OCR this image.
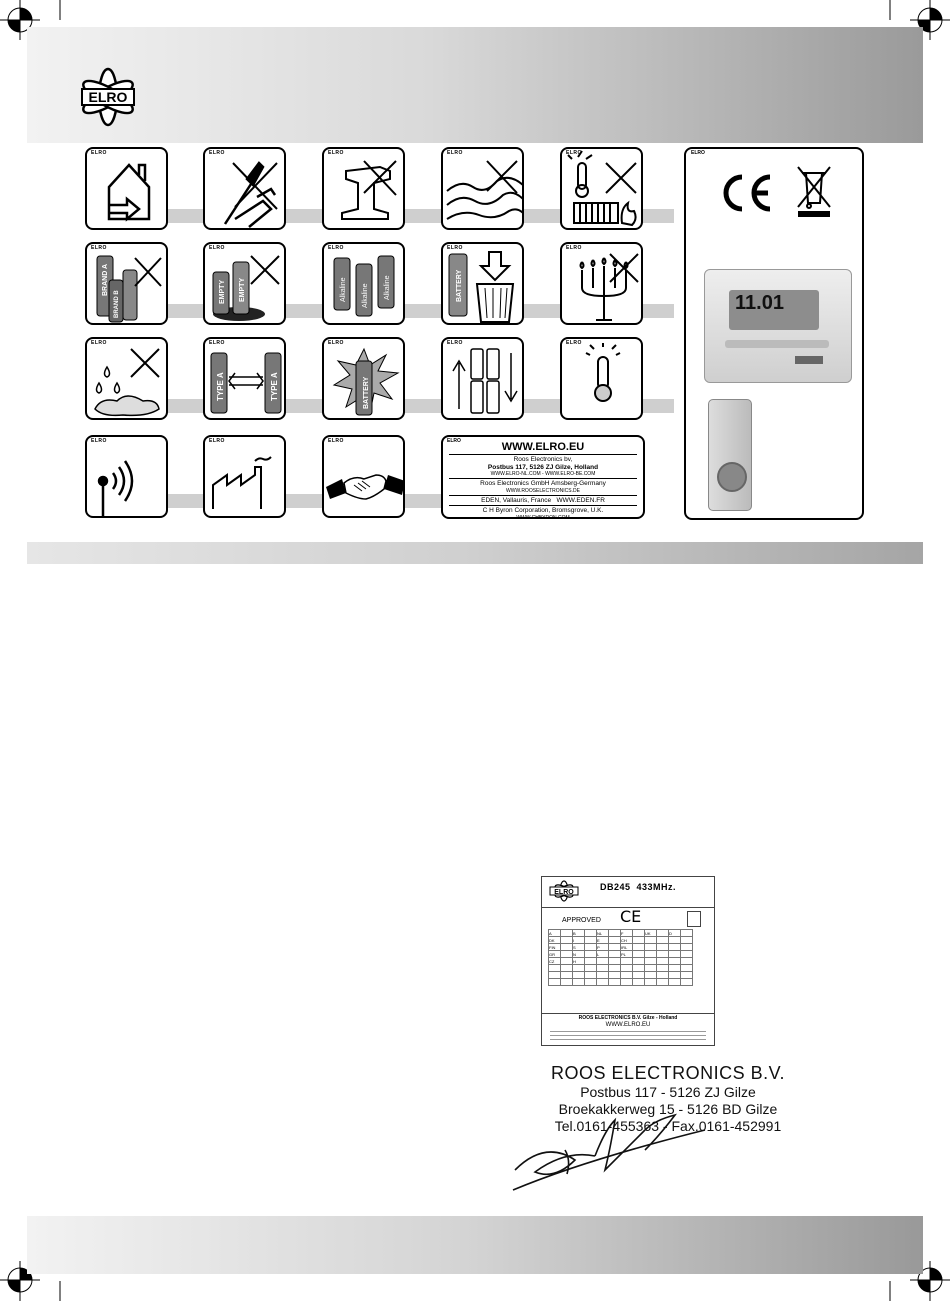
ELRO
ELRO	ELRO	ELRO	ELRO	ELRO
ELRO
BRAND A
BRAND B
ELRO
EMPTY EMPTY
ELRO
Alkaline Alkaline Alkaline
ELRO
BATTERY
ELRO
ELRO	ELRO
TYPE A	TYPE A
ELRO
BATTERY
ELRO	ELRO
ELRO	ELRO	ELRO	ELRO	WWW.ELRO.EU
Roos Electronics bv,
Postbus 117, 5126 ZJ Gilze, Holland
WWW.ELRO-NL.COM - WWW.ELRO-BE.COM
Roos Electronics GmbH Amsberg-Germany
WWW.ROOSELECTRONICS.DE
EDEN, Vallauris, France WWW.EDEN.FR
C H Byron Corporation, Bromsgrove, U.K.
WWW.CHBYRON.COM
ELRO
11.01
ELRO
DB245 433MHz.
APPROVED CE
A		B		NL		F		UK		D	
DK		I		E		CH					
FIN		S		P		IRL					
GR		N		L		PL					
CZ		H									

ROOS ELECTRONICS B.V. Gilze - Holland
WWW.ELRO.EU
ROOS ELECTRONICS B.V.
Postbus 117 - 5126 ZJ Gilze
Broekakkerweg 15 - 5126 BD Gilze
Tel.0161-455363 - Fax.0161-452991
